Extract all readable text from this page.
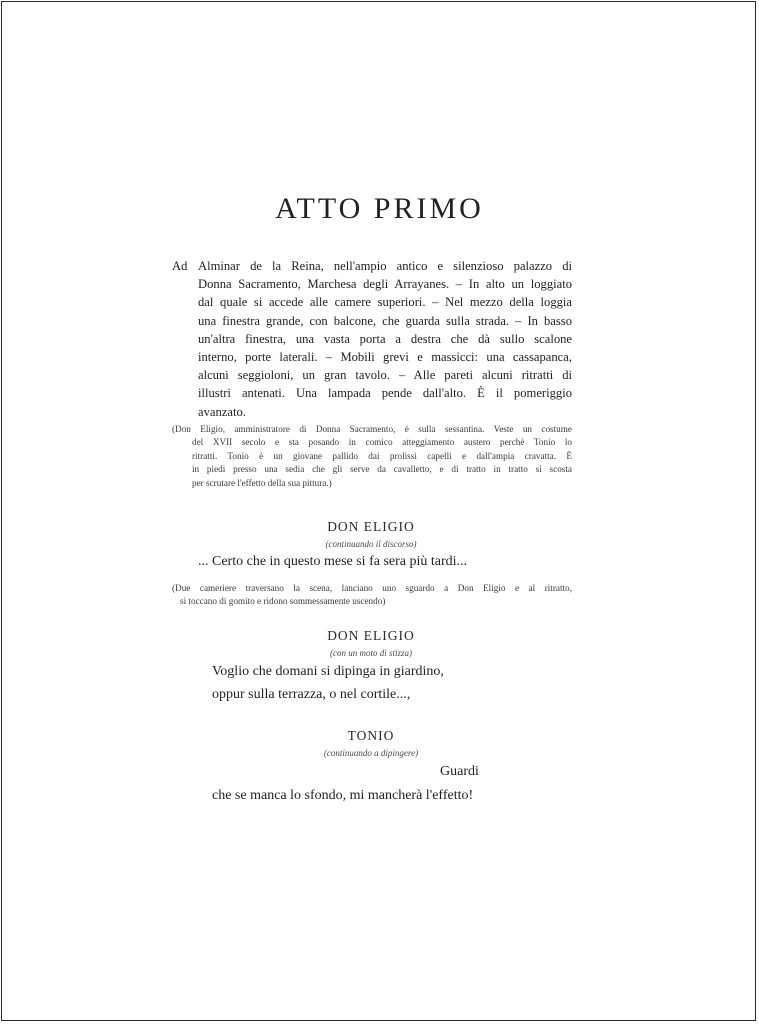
ATTO PRIMO
Ad Alminar de la Reina, nell'ampio antico e silenzioso palazzo di
Donna Sacramento, Marchesa degli Arrayanes. – In alto un loggiato
dal quale si accede alle camere superiori. – Nel mezzo della loggia
una finestra grande, con balcone, che guarda sulla strada. – In basso
un'altra finestra, una vasta porta a destra che dà sullo scalone
interno, porte laterali. – Mobili grevi e massicci: una cassapanca,
alcuni seggioloni, un gran tavolo. – Alle pareti alcuni ritratti di
illustri antenati. Una lampada pende dall'alto. È il pomeriggio
avanzato.
(Don Eligio, amministratore di Donna Sacramento, è sulla sessantina. Veste un costume
del XVII secolo e sta posando in comico atteggiamento austero perchè Tonio lo
ritratti. Tonio è un giovane pallido dai prolissi capelli e dall'ampia cravatta. È
in piedi presso una sedia che gli serve da cavalletto, e di tratto in tratto si scosta
per scrutare l'effetto della sua pittura.)
DON ELIGIO
(continuando il discorso)
... Certo che in questo mese si fa sera più tardi...
(Due cameriere traversano la scena, lanciano uno sguardo a Don Eligio e al ritratto,
si toccano di gomito e ridono sommessamente uscendo)
DON ELIGIO
(con un moto di stizza)
Voglio che domani si dipinga in giardino,
oppur sulla terrazza, o nel cortile...,
TONIO
(continuando a dipingere)
Guardi
che se manca lo sfondo, mi mancherà l'effetto!
